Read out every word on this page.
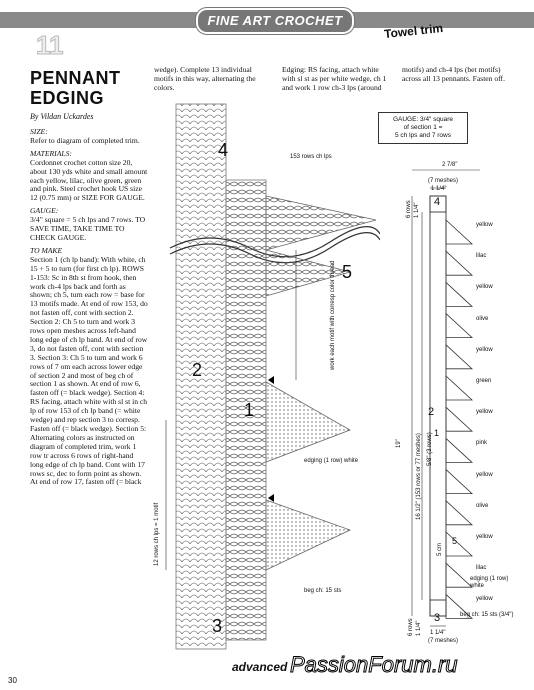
FINE ART CROCHET
Towel trim
11
PENNANT EDGING
By Vildan Uckardes

SIZE:
Refer to diagram of completed trim.

MATERIALS:
Cordonnet crochet cotton size 20, about 130 yds white and small amount each yellow, lilac, olive green, green and pink. Steel crochet hook US size 12 (0.75 mm) or SIZE FOR GAUGE.

GAUGE:
3/4" square = 5 ch lps and 7 rows. TO SAVE TIME, TAKE TIME TO CHECK GAUGE.

TO MAKE
Section 1 (ch lp band): With white, ch 15 + 5 to turn (for first ch lp). ROWS 1-153: Sc in 8th st from hook, then work ch-4 lps back and forth as shown; ch 5, turn each row = base for 13 motifs made. At end of row 153, do not fasten off, cont with section 2. Section 2: Ch 5 to turn and work 3 rows open meshes across left-hand long edge of ch lp band. At end of row 3, do not fasten off, cont with section 3. Section 3: Ch 5 to turn and work 6 rows of 7 om each across lower edge of section 2 and most of beg ch of section 1 as shown. At end of row 6, fasten off (= black wedge). Section 4: RS facing, attach white with sl st in ch lp of row 153 of ch lp band (= white wedge) and rep section 3 to corresp. Fasten off (= black wedge). Section 5: Alternating colors as instructed on diagram of completed trim, work 1 row tr across 6 rows of right-hand long edge of ch lp band. Cont with 17 rows sc, dec to form point as shown. At end of row 17, fasten off (= black

wedge). Complete 13 individual motifs in this way, alternating the colors.
Edging: RS facing, attach white with sl st as per white wedge, ch 1 and work 1 row ch-3 lps (around
motifs) and ch-4 lps (bet motifs) across all 13 pennants. Fasten off.
4
5
2
1
3
153 rows ch lps
work each motif with corresp color thread
edging (1 row) white
12 rows ch lps = 1 motif
beg ch: 15 sts
GAUGE: 3/4" square
of section 1 =
5 ch lps and 7 rows
2 7/8"
(7 meshes)
1 1/4"
6 rows 1 1/4"
19" 16 1/2" (153 rows or 77 meshes) 5/8" (3 rows)
5 cm
6 rows 1 1/4" 1 1/4"
(7 meshes)
beg ch: 15 sts (3/4")
edging (1 row) white
4
2
3
1
5
yellow
lilac
yellow
olive
yellow
green
yellow
pink
yellow
olive
yellow
lilac
yellow
advanced PassionForum.ru
30
